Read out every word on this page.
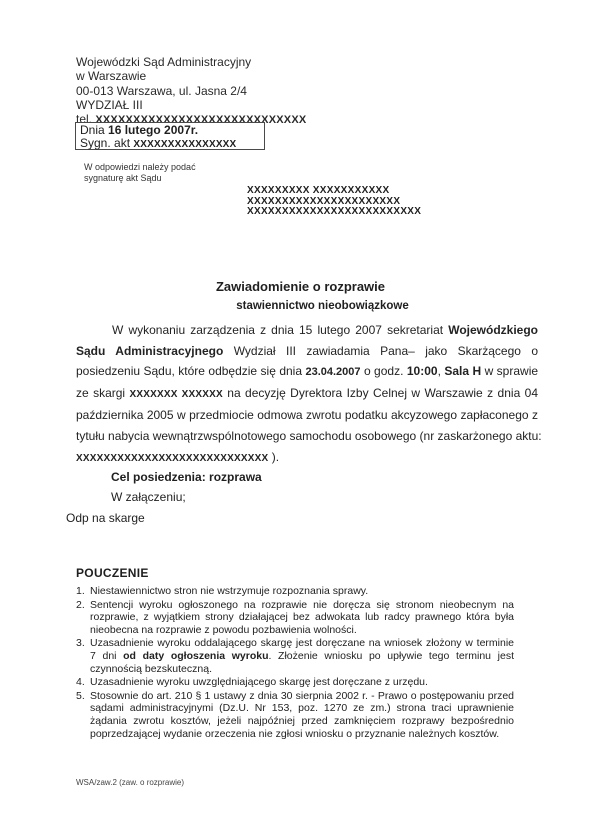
Wojewódzki Sąd Administracyjny
w Warszawie
00-013 Warszawa, ul. Jasna 2/4
WYDZIAŁ III
tel. XXXXXXXXXXXXXXXXXXXXXXXXXXXX
Dnia 16 lutego 2007r.
Sygn. akt XXXXXXXXXXXXXXX
W odpowiedzi należy podać
sygnaturę akt Sądu
XXXXXXXXX XXXXXXXXXXX
XXXXXXXXXXXXXXXXXXXXXX
XXXXXXXXXXXXXXXXXXXXXXXXX
Zawiadomienie o rozprawie
stawiennictwo nieobowiązkowe
W wykonaniu zarządzenia z dnia 15 lutego 2007 sekretariat Wojewódzkiego
Sądu Administracyjnego Wydział III zawiadamia Pana– jako Skarżącego o
posiedzeniu Sądu, które odbędzie się dnia 23.04.2007 o godz. 10:00, Sala H w sprawie
ze skargi XXXXXXX XXXXXX na decyzję Dyrektora Izby Celnej w Warszawie z dnia 04
października 2005 w przedmiocie odmowa zwrotu podatku akcyzowego zapłaconego z
tytułu nabycia wewnątrzwspólnotowego samochodu osobowego (nr zaskarżonego aktu:
XXXXXXXXXXXXXXXXXXXXXXXXXXXX ).
Cel posiedzenia: rozprawa
W załączeniu;
Odp na skarge
POUCZENIE
1. Niestawiennictwo stron nie wstrzymuje rozpoznania sprawy.
2. Sentencji wyroku ogłoszonego na rozprawie nie doręcza się stronom nieobecnym na rozprawie, z wyjątkiem strony działającej bez adwokata lub radcy prawnego która była nieobecna na rozprawie z powodu pozbawienia wolności.
3. Uzasadnienie wyroku oddalającego skargę jest doręczane na wniosek złożony w terminie 7 dni od daty ogłoszenia wyroku. Złożenie wniosku po upływie tego terminu jest czynnością bezskuteczną.
4. Uzasadnienie wyroku uwzględniającego skargę jest doręczane z urzędu.
5. Stosownie do art. 210 § 1 ustawy z dnia 30 sierpnia 2002 r. - Prawo o postępowaniu przed sądami administracyjnymi (Dz.U. Nr 153, poz. 1270 ze zm.) strona traci uprawnienie żądania zwrotu kosztów, jeżeli najpóźniej przed zamknięciem rozprawy bezpośrednio poprzedzającej wydanie orzeczenia nie zgłosi wniosku o przyznanie należnych kosztów.
WSA/zaw.2 (zaw. o rozprawie)
